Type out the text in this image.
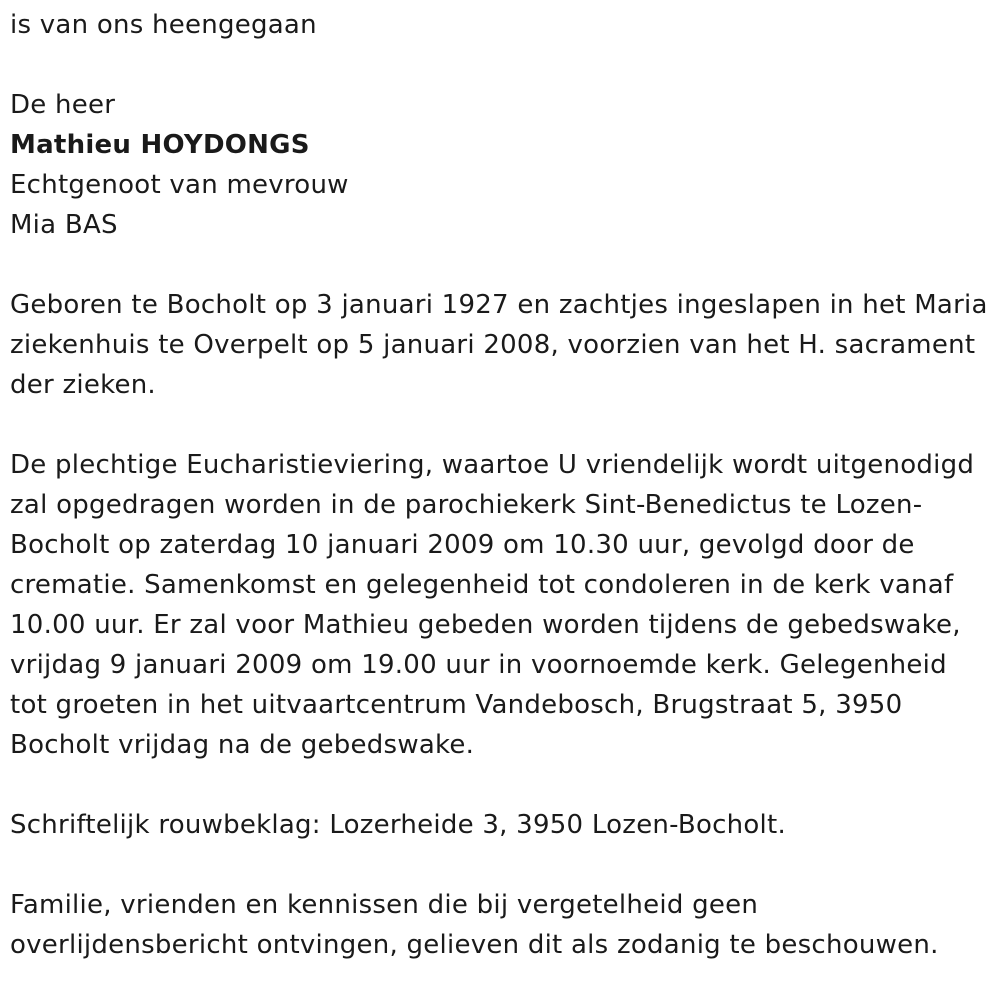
is van ons heengegaan
De heer
Mathieu HOYDONGS
Echtgenoot van mevrouw
Mia BAS
Geboren te Bocholt op 3 januari 1927 en zachtjes ingeslapen in het Maria
ziekenhuis te Overpelt op 5 januari 2008, voorzien van het H. sacrament
der zieken.
De plechtige Eucharistieviering, waartoe U vriendelijk wordt uitgenodigd
zal opgedragen worden in de parochiekerk Sint-Benedictus te Lozen-
Bocholt op zaterdag 10 januari 2009 om 10.30 uur, gevolgd door de
crematie. Samenkomst en gelegenheid tot condoleren in de kerk vanaf
10.00 uur. Er zal voor Mathieu gebeden worden tijdens de gebedswake,
vrijdag 9 januari 2009 om 19.00 uur in voornoemde kerk. Gelegenheid
tot groeten in het uitvaartcentrum Vandebosch, Brugstraat 5, 3950
Bocholt vrijdag na de gebedswake.
Schriftelijk rouwbeklag: Lozerheide 3, 3950 Lozen-Bocholt.
Familie, vrienden en kennissen die bij vergetelheid geen
overlijdensbericht ontvingen, gelieven dit als zodanig te beschouwen.
